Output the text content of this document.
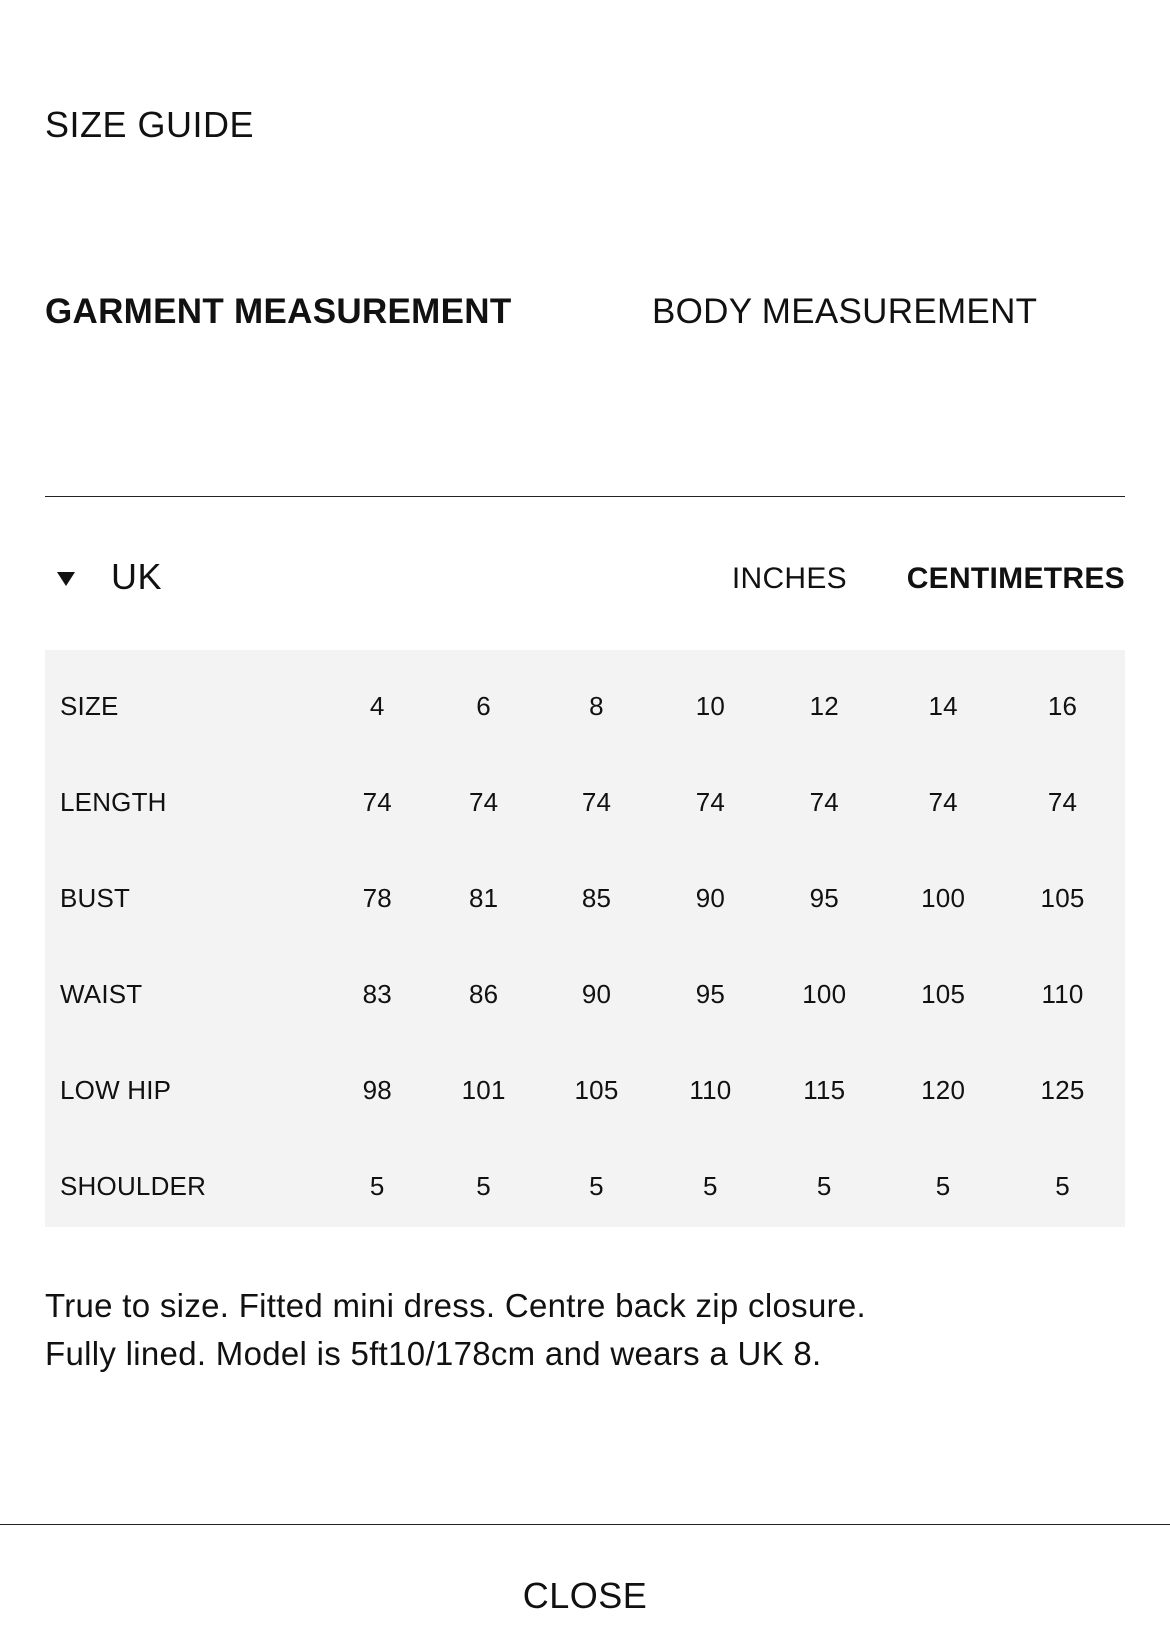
SIZE GUIDE
GARMENT MEASUREMENT	BODY MEASUREMENT
UK	INCHES CENTIMETRES
SIZE	4	6	8	10	12	14	16
LENGTH	74	74	74	74	74	74	74
BUST	78	81	85	90	95	100	105
WAIST	83	86	90	95	100	105	110
LOW HIP	98	101	105	110	115	120	125
SHOULDER	5	5	5	5	5	5	5

True to size. Fitted mini dress. Centre back zip closure.

Fully lined. Model is 5ft10/178cm and wears a UK 8.

CLOSE
